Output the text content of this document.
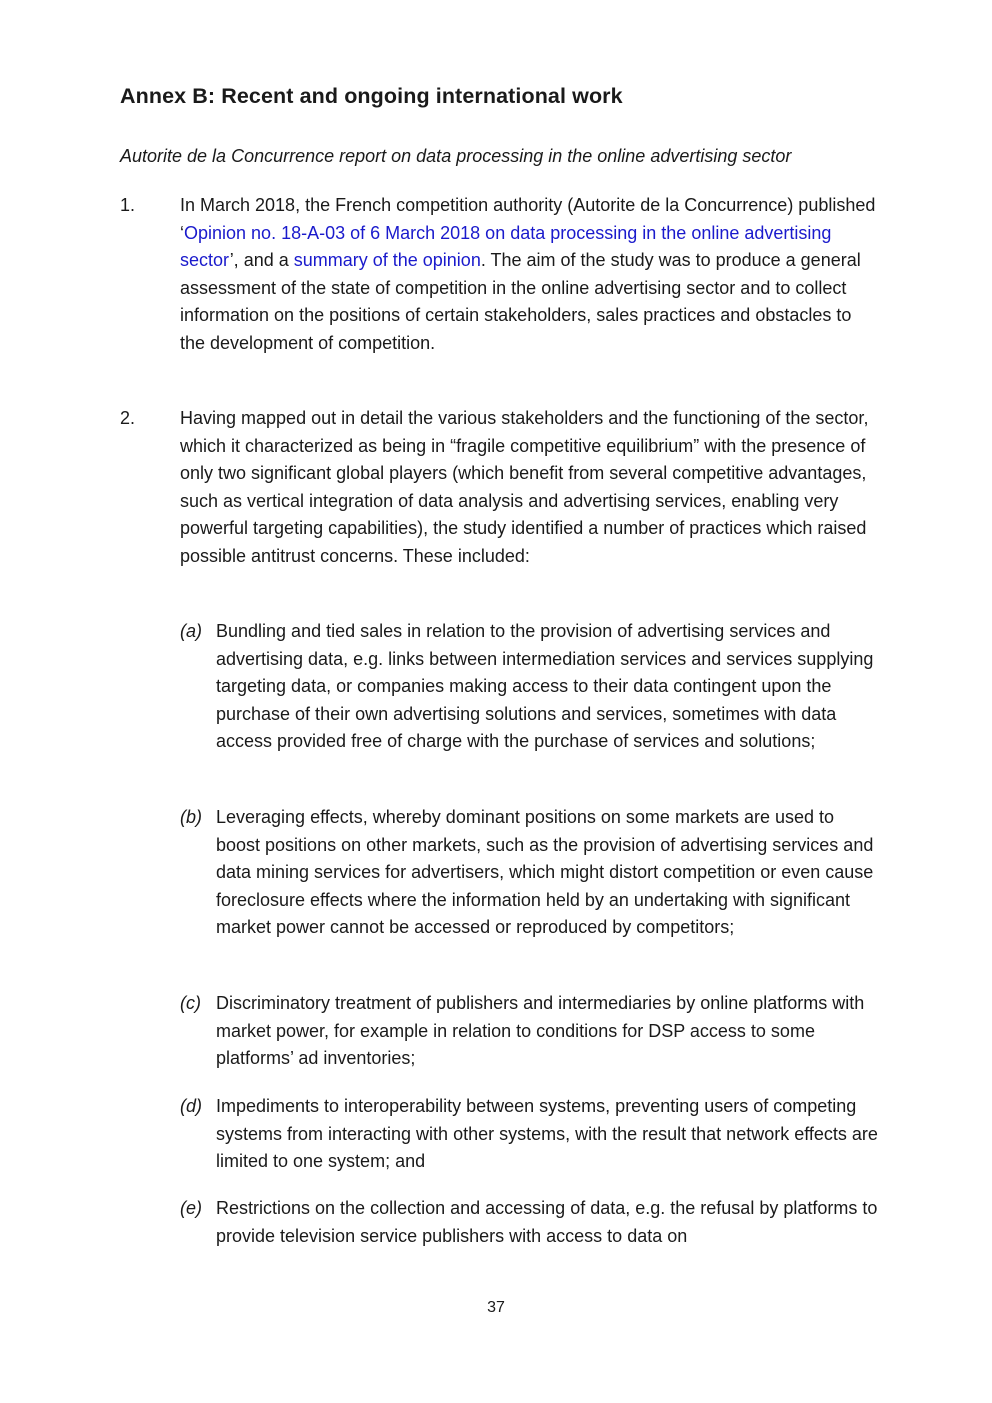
Annex B: Recent and ongoing international work

Autorite de la Concurrence report on data processing in the online advertising sector

1. In March 2018, the French competition authority (Autorite de la Concurrence) published ‘Opinion no. 18-A-03 of 6 March 2018 on data processing in the online advertising sector’, and a summary of the opinion. The aim of the study was to produce a general assessment of the state of competition in the online advertising sector and to collect information on the positions of certain stakeholders, sales practices and obstacles to the development of competition.
2. Having mapped out in detail the various stakeholders and the functioning of the sector, which it characterized as being in “fragile competitive equilibrium” with the presence of only two significant global players (which benefit from several competitive advantages, such as vertical integration of data analysis and advertising services, enabling very powerful targeting capabilities), the study identified a number of practices which raised possible antitrust concerns. These included:
(a) Bundling and tied sales in relation to the provision of advertising services and advertising data, e.g. links between intermediation services and services supplying targeting data, or companies making access to their data contingent upon the purchase of their own advertising solutions and services, sometimes with data access provided free of charge with the purchase of services and solutions;
(b) Leveraging effects, whereby dominant positions on some markets are used to boost positions on other markets, such as the provision of advertising services and data mining services for advertisers, which might distort competition or even cause foreclosure effects where the information held by an undertaking with significant market power cannot be accessed or reproduced by competitors;
(c) Discriminatory treatment of publishers and intermediaries by online platforms with market power, for example in relation to conditions for DSP access to some platforms’ ad inventories;
(d) Impediments to interoperability between systems, preventing users of competing systems from interacting with other systems, with the result that network effects are limited to one system; and
(e) Restrictions on the collection and accessing of data, e.g. the refusal by platforms to provide television service publishers with access to data on
37
